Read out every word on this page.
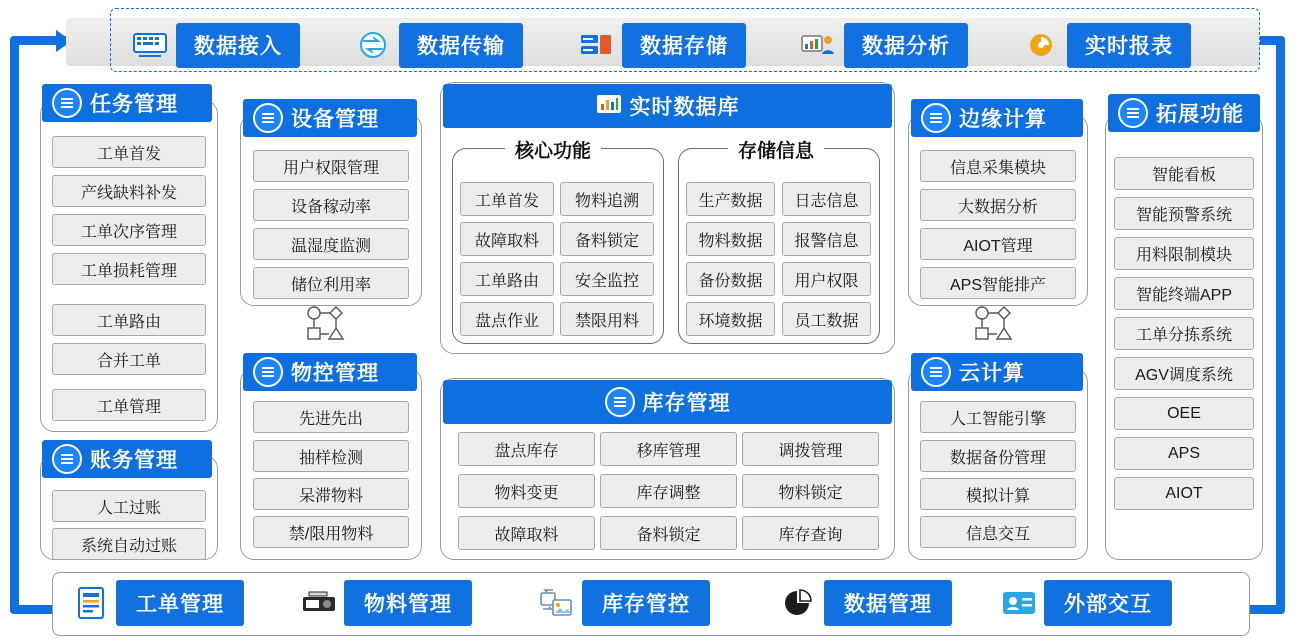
数据接入	数据传输	数据存储	数据分析	实时报表
任务管理
工单首发
产线缺料补发
工单次序管理
工单损耗管理
工单路由
合并工单
工单管理
账务管理
人工过账
系统自动过账
设备管理
用户权限管理
设备稼动率
温湿度监测
储位利用率
物控管理
先进先出
抽样检测
呆滞物料
禁/限用物料
实时数据库
核心功能
工单首发 物料追溯
故障取料 备料锁定
工单路由 安全监控
盘点作业 禁限用料
存储信息
生产数据 日志信息
物料数据 报警信息
备份数据 用户权限
环境数据 员工数据
库存管理
盘点库存	移库管理	调拨管理
物料变更	库存调整	物料锁定
故障取料	备料锁定	库存查询
边缘计算
信息采集模块
大数据分析
AIOT管理
APS智能排产
云计算
人工智能引擎
数据备份管理
模拟计算
信息交互
拓展功能
智能看板
智能预警系统
用料限制模块
智能终端APP
工单分拣系统
AGV调度系统
OEE
APS
AIOT
工单管理	物料管理	库存管控	数据管理	外部交互
